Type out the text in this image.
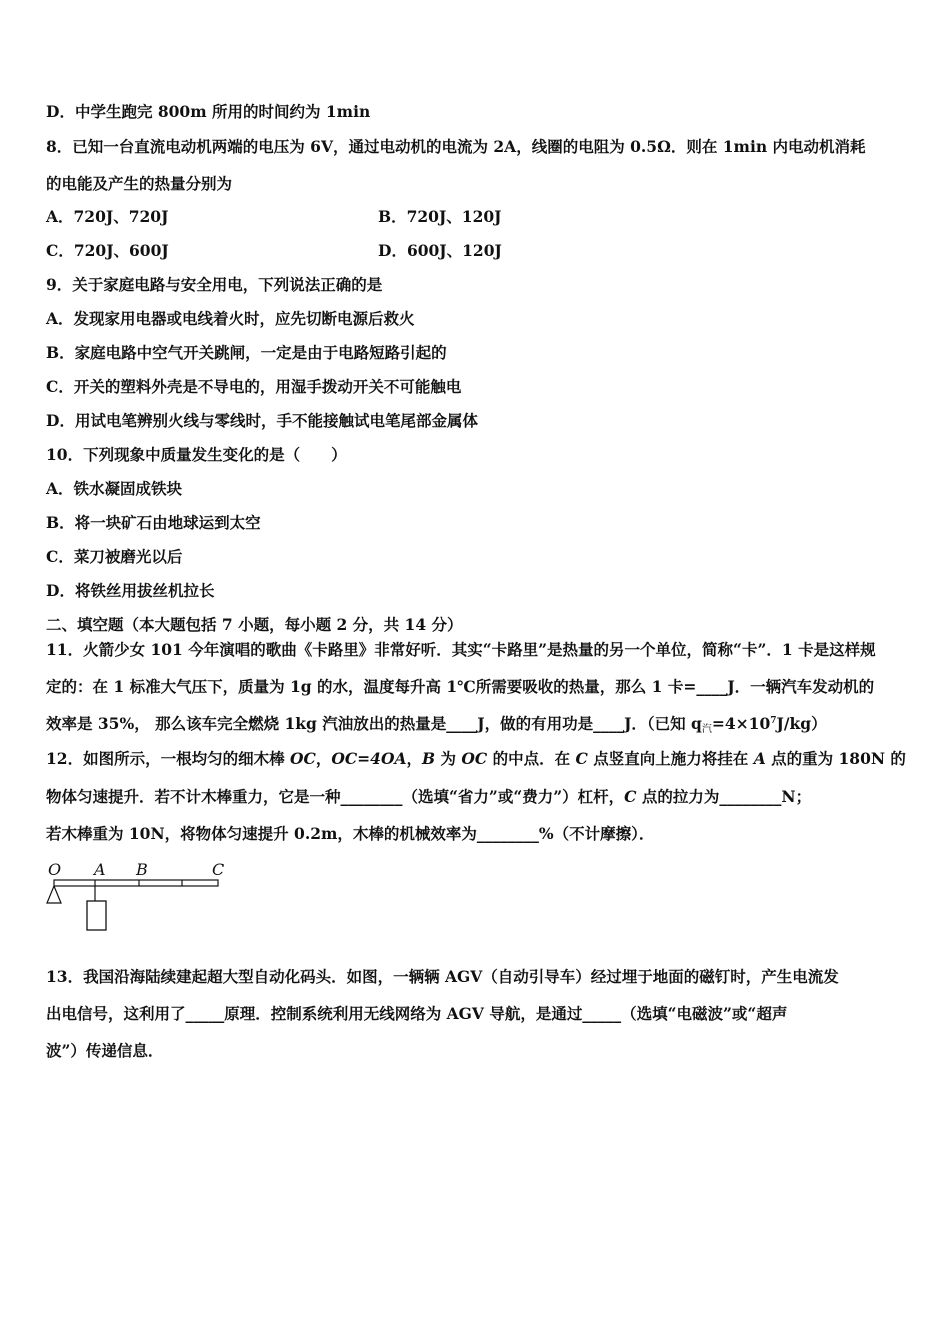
D．中学生跑完 800m 所用的时间约为 1min
8．已知一台直流电动机两端的电压为 6V，通过电动机的电流为 2A，线圈的电阻为 0.5Ω．则在 1min 内电动机消耗
的电能及产生的热量分别为
A．720J、720J	B．720J、120J
C．720J、600J	D．600J、120J
9．关于家庭电路与安全用电，下列说法正确的是
A．发现家用电器或电线着火时，应先切断电源后救火
B．家庭电路中空气开关跳闸，一定是由于电路短路引起的
C．开关的塑料外壳是不导电的，用湿手拨动开关不可能触电
D．用试电笔辨别火线与零线时，手不能接触试电笔尾部金属体
10．下列现象中质量发生变化的是（　　）
A．铁水凝固成铁块
B．将一块矿石由地球运到太空
C．菜刀被磨光以后
D．将铁丝用拔丝机拉长
二、填空题（本大题包括 7 小题，每小题 2 分，共 14 分）
11．火箭少女 101 今年演唱的歌曲《卡路里》非常好听．其实“卡路里”是热量的另一个单位，简称“卡”．1 卡是这样规
定的：在 1 标准大气压下，质量为 1g 的水，温度每升高 1℃所需要吸收的热量，那么 1 卡=____J．一辆汽车发动机的
效率是 35%， 那么该车完全燃烧 1kg 汽油放出的热量是____J，做的有用功是____J．（已知 $q_汽=4\times 10^7J/kg$）
12．如图所示，一根均匀的细木棒 OC，OC=4OA，B 为 OC 的中点．在 C 点竖直向上施力将挂在 A 点的重为 180N 的
物体匀速提升．若不计木棒重力，它是一种________（选填“省力”或“费力”）杠杆，C 点的拉力为________N；
若木棒重为 10N，将物体匀速提升 0.2m，木棒的机械效率为________%（不计摩擦）．
O A B	C
13．我国沿海陆续建起超大型自动化码头．如图，一辆辆 AGV（自动引导车）经过埋于地面的磁钉时，产生电流发
出电信号，这利用了_____原理．控制系统利用无线网络为 AGV 导航，是通过_____（选填“电磁波”或“超声
波”）传递信息．
